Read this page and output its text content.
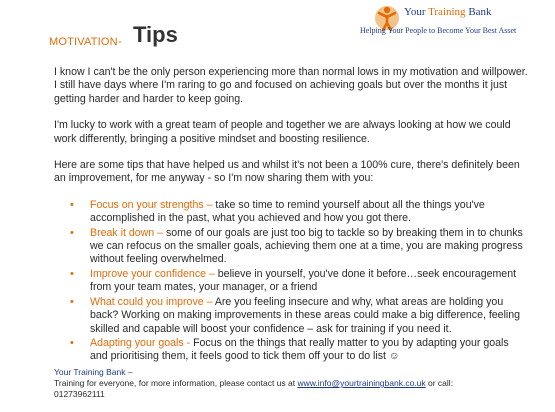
MOTIVATION - Tips
Your Training Bank
Helping Your People to Become Your Best Asset

I know I can't be the only person experiencing more than normal lows in my motivation and willpower. I still have days where I'm raring to go and focused on achieving goals but over the months it just getting harder and harder to keep going.

I'm lucky to work with a great team of people and together we are always looking at how we could work differently, bringing a positive mindset and boosting resilience.

Here are some tips that have helped us and whilst it's not been a 100% cure, there's definitely been an improvement, for me anyway - so I'm now sharing them with you:

• Focus on your strengths – take so time to remind yourself about all the things you've accomplished in the past, what you achieved and how you got there.
• Break it down – some of our goals are just too big to tackle so by breaking them in to chunks we can refocus on the smaller goals, achieving them one at a time, you are making progress without feeling overwhelmed.
• Improve your confidence – believe in yourself, you've done it before…seek encouragement from your team mates, your manager, or a friend
• What could you improve – Are you feeling insecure and why, what areas are holding you back? Working on making improvements in these areas could make a big difference, feeling skilled and capable will boost your confidence – ask for training if you need it.
• Adapting your goals - Focus on the things that really matter to you by adapting your goals and prioritising them, it feels good to tick them off your to do list ☺
Your Training Bank –
Training for everyone, for more information, please contact us at www.info@yourtrainingbank.co.uk or call:
01273962111
